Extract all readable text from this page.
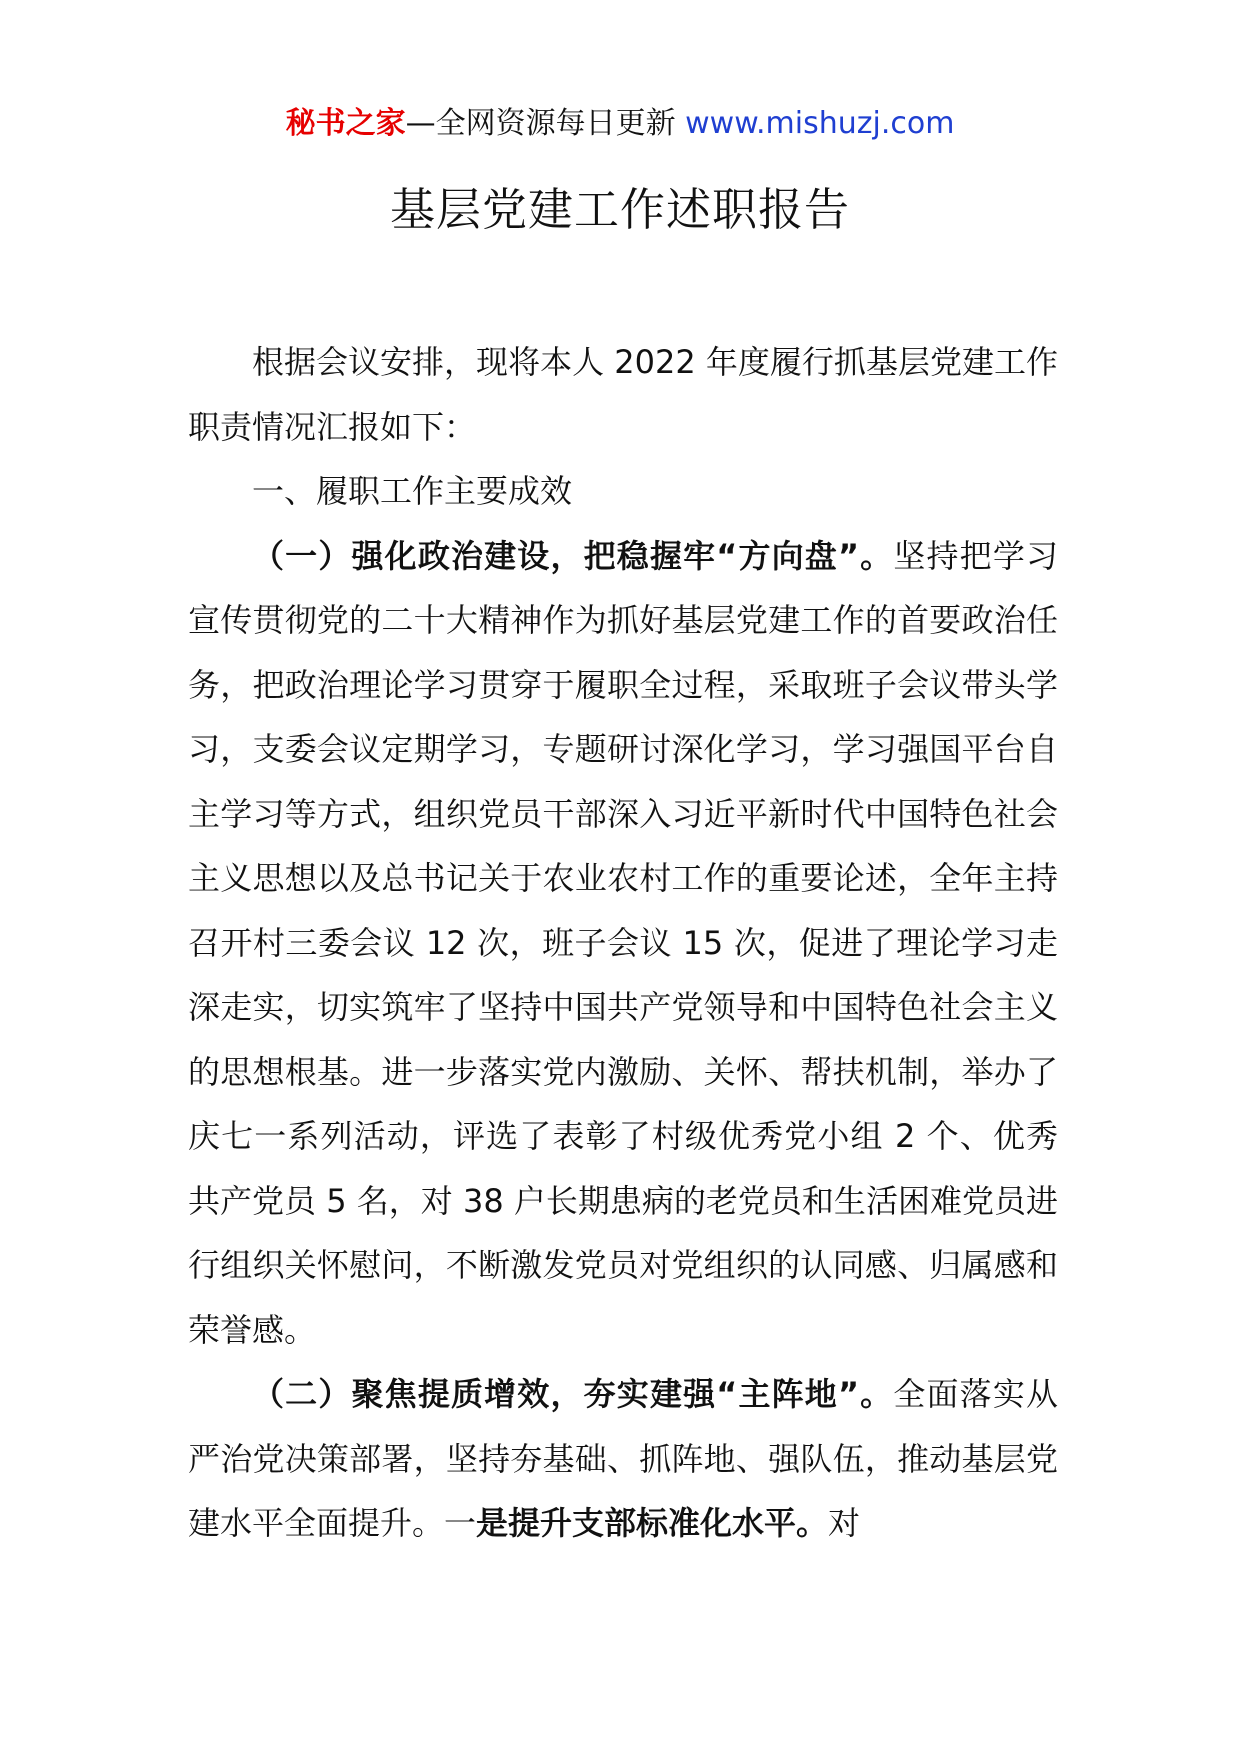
秘书之家—全网资源每日更新 www.mishuzj.com
基层党建工作述职报告

根据会议安排，现将本人 2022 年度履行抓基层党建工作职责情况汇报如下：

一、履职工作主要成效

（一）强化政治建设，把稳握牢“方向盘”。坚持把学习宣传贯彻党的二十大精神作为抓好基层党建工作的首要政治任务，把政治理论学习贯穿于履职全过程，采取班子会议带头学习，支委会议定期学习，专题研讨深化学习，学习强国平台自主学习等方式，组织党员干部深入习近平新时代中国特色社会主义思想以及总书记关于农业农村工作的重要论述，全年主持召开村三委会议 12 次，班子会议 15 次，促进了理论学习走深走实，切实筑牢了坚持中国共产党领导和中国特色社会主义的思想根基。进一步落实党内激励、关怀、帮扶机制，举办了庆七一系列活动，评选了表彰了村级优秀党小组 2 个、优秀共产党员 5 名，对 38 户长期患病的老党员和生活困难党员进行组织关怀慰问，不断激发党员对党组织的认同感、归属感和荣誉感。

（二）聚焦提质增效，夯实建强“主阵地”。全面落实从严治党决策部署，坚持夯基础、抓阵地、强队伍，推动基层党建水平全面提升。一是提升支部标准化水平。对
